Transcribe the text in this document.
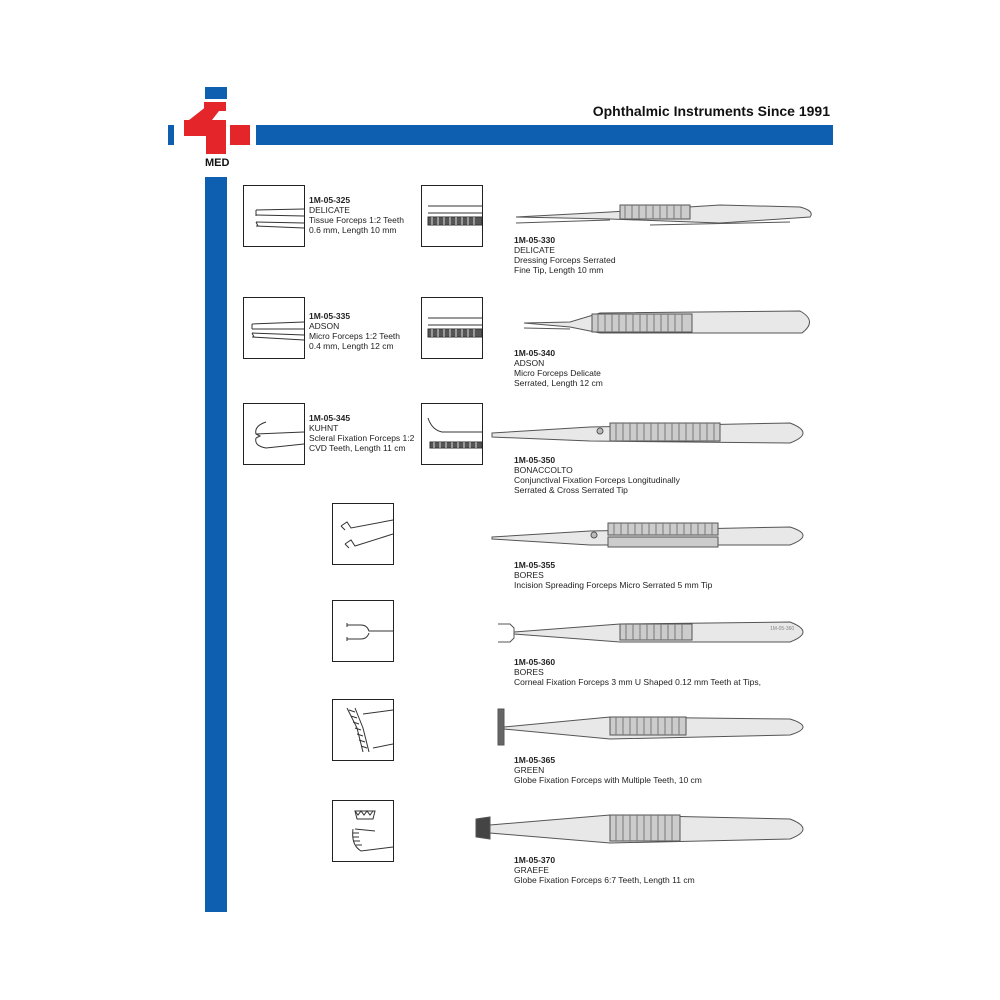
MED
Ophthalmic Instruments Since 1991
1M-05-325
DELICATE
Tissue Forceps 1:2 Teeth
0.6 mm, Length 10 mm
1M-05-330
DELICATE
Dressing Forceps Serrated
Fine Tip, Length 10 mm
1M-05-335
ADSON
Micro Forceps 1:2 Teeth
0.4 mm, Length 12 cm
1M-05-340
ADSON
Micro Forceps Delicate
Serrated, Length 12 cm
1M-05-345
KUHNT
Scleral Fixation Forceps 1:2
CVD Teeth, Length 11 cm
1M-05-350
BONACCOLTO
Conjunctival Fixation Forceps Longitudinally
Serrated & Cross Serrated Tip
1M-05-355
BORES
Incision Spreading Forceps Micro Serrated 5 mm Tip
1M-05-360
1M-05-360
BORES
Corneal Fixation Forceps 3 mm U Shaped 0.12 mm Teeth at Tips,
1M-05-365
GREEN
Globe Fixation Forceps with Multiple Teeth, 10 cm
1M-05-370
GRAEFE
Globe Fixation Forceps 6:7 Teeth, Length 11 cm
